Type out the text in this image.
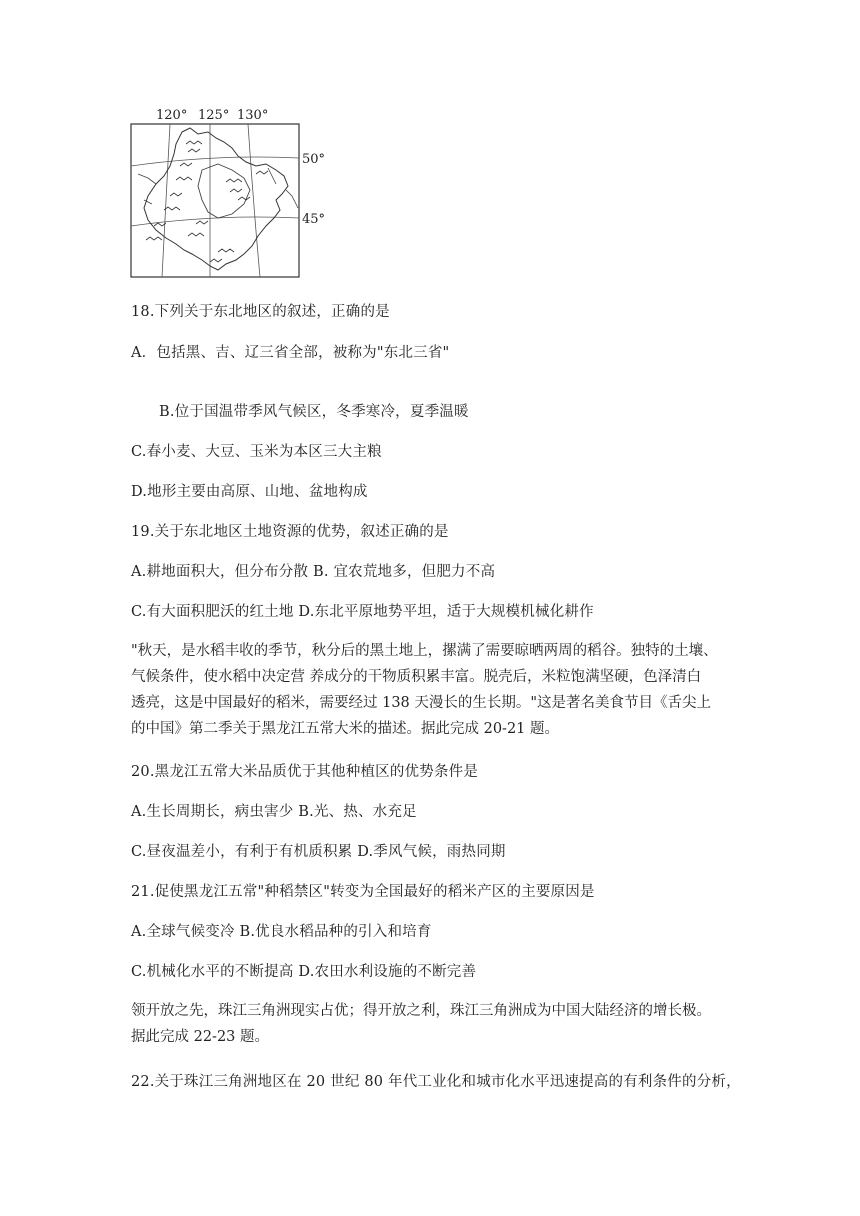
120° 125° 130°
50°
45°
18.下列关于东北地区的叙述，正确的是
A．包括黑、吉、辽三省全部，被称为"东北三省"
B.位于国温带季风气候区，冬季寒冷，夏季温暖
C.春小麦、大豆、玉米为本区三大主粮
D.地形主要由高原、山地、盆地构成
19.关于东北地区土地资源的优势，叙述正确的是
A.耕地面积大，但分布分散 B. 宜农荒地多，但肥力不高
C.有大面积肥沃的红土地 D.东北平原地势平坦，适于大规模机械化耕作
"秋天，是水稻丰收的季节，秋分后的黑土地上，摞满了需要晾晒两周的稻谷。独特的土壤、
气候条件，使水稻中决定营 养成分的干物质积累丰富。脱壳后，米粒饱满坚硬，色泽清白
透亮，这是中国最好的稻米，需要经过 138 天漫长的生长期。"这是著名美食节目《舌尖上
的中国》第二季关于黑龙江五常大米的描述。据此完成 20-21 题。
20.黑龙江五常大米品质优于其他种植区的优势条件是
A.生长周期长，病虫害少 B.光、热、水充足
C.昼夜温差小，有利于有机质积累 D.季风气候，雨热同期
21.促使黑龙江五常"种稻禁区"转变为全国最好的稻米产区的主要原因是
A.全球气候变冷 B.优良水稻品种的引入和培育
C.机械化水平的不断提高 D.农田水利设施的不断完善
领开放之先，珠江三角洲现实占优；得开放之利，珠江三角洲成为中国大陆经济的增长极。
据此完成 22-23 题。
22.关于珠江三角洲地区在 20 世纪 80 年代工业化和城市化水平迅速提高的有利条件的分析，
